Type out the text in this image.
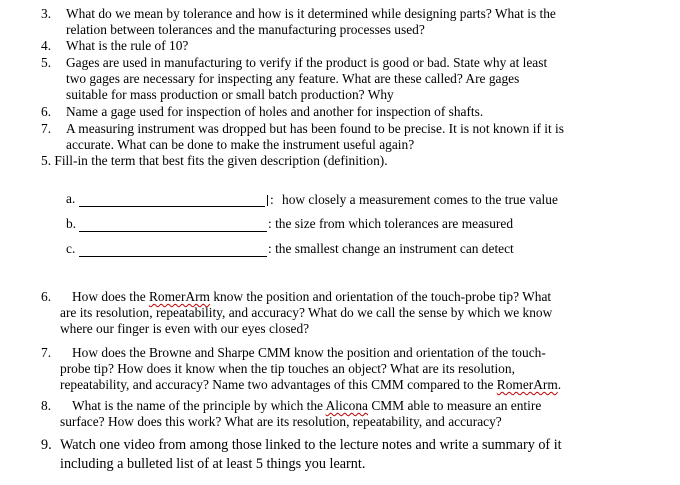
3. What do we mean by tolerance and how is it determined while designing parts? What is the
relation between tolerances and the manufacturing processes used?
4. What is the rule of 10?
5. Gages are used in manufacturing to verify if the product is good or bad. State why at least
two gages are necessary for inspecting any feature. What are these called? Are gages
suitable for mass production or small batch production? Why
6. Name a gage used for inspection of holes and another for inspection of shafts.
7. A measuring instrument was dropped but has been found to be precise. It is not known if it is
accurate. What can be done to make the instrument useful again?
5. Fill-in the term that best fits the given description (definition).
a.	: how closely a measurement comes to the true value
b.	: the size from which tolerances are measured
c.	: the smallest change an instrument can detect
6. How does the RomerArm know the position and orientation of the touch-probe tip? What
are its resolution, repeatability, and accuracy? What do we call the sense by which we know
where our finger is even with our eyes closed?
7. How does the Browne and Sharpe CMM know the position and orientation of the touch-
probe tip? How does it know when the tip touches an object? What are its resolution,
repeatability, and accuracy? Name two advantages of this CMM compared to the RomerArm.
8. What is the name of the principle by which the Alicona CMM able to measure an entire
surface? How does this work? What are its resolution, repeatability, and accuracy?
9. Watch one video from among those linked to the lecture notes and write a summary of it
including a bulleted list of at least 5 things you learnt.
